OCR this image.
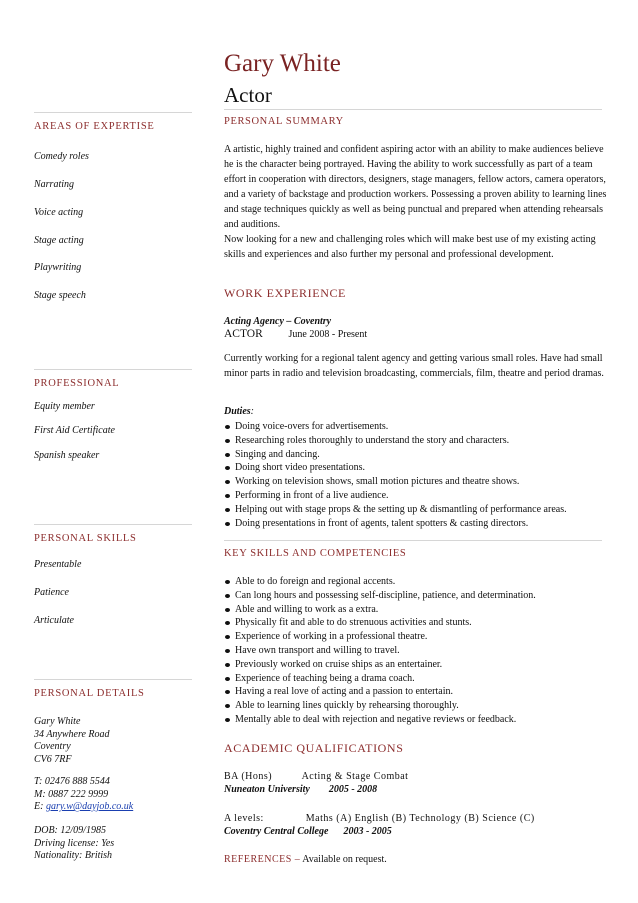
AREAS OF EXPERTISE
Comedy roles
Narrating
Voice acting
Stage acting
Playwriting
Stage speech
PROFESSIONAL
Equity member
First Aid Certificate
Spanish speaker
PERSONAL SKILLS
Presentable
Patience
Articulate
PERSONAL DETAILS
Gary White
34 Anywhere Road
Coventry
CV6 7RF
T: 02476 888 5544
M: 0887 222 9999
E: gary.w@dayjob.co.uk
DOB: 12/09/1985
Driving license: Yes
Nationality: British
Gary White
Actor
PERSONAL SUMMARY
A artistic, highly trained and confident aspiring actor with an ability to make audiences believe he is the character being portrayed. Having the ability to work successfully as part of a team effort in cooperation with directors, designers, stage managers, fellow actors, camera operators, and a variety of backstage and production workers. Possessing a proven ability to learning lines and stage techniques quickly as well as being punctual and prepared when attending rehearsals and auditions.
Now looking for a new and challenging roles which will make best use of my existing acting skills and experiences and also further my personal and professional development.
WORK EXPERIENCE
Acting Agency – Coventry
ACTOR	June 2008 - Present
Currently working for a regional talent agency and getting various small roles. Have had small minor parts in radio and television broadcasting, commercials, film, theatre and period dramas.
Duties:
Doing voice-overs for advertisements.
Researching roles thoroughly to understand the story and characters.
Singing and dancing.
Doing short video presentations.
Working on television shows, small motion pictures and theatre shows.
Performing in front of a live audience.
Helping out with stage props & the setting up & dismantling of performance areas.
Doing presentations in front of agents, talent spotters & casting directors.
KEY SKILLS AND COMPETENCIES
Able to do foreign and regional accents.
Can long hours and possessing self-discipline, patience, and determination.
Able and willing to work as a extra.
Physically fit and able to do strenuous activities and stunts.
Experience of working in a professional theatre.
Have own transport and willing to travel.
Previously worked on cruise ships as an entertainer.
Experience of teaching being a drama coach.
Having a real love of acting and a passion to entertain.
Able to learning lines quickly by rehearsing thoroughly.
Mentally able to deal with rejection and negative reviews or feedback.
ACADEMIC QUALIFICATIONS
BA (Hons)	Acting & Stage Combat
Nuneaton University 2005 - 2008
A levels:	Maths (A) English (B) Technology (B) Science (C)
Coventry Central College 2003 - 2005
REFERENCES – Available on request.
